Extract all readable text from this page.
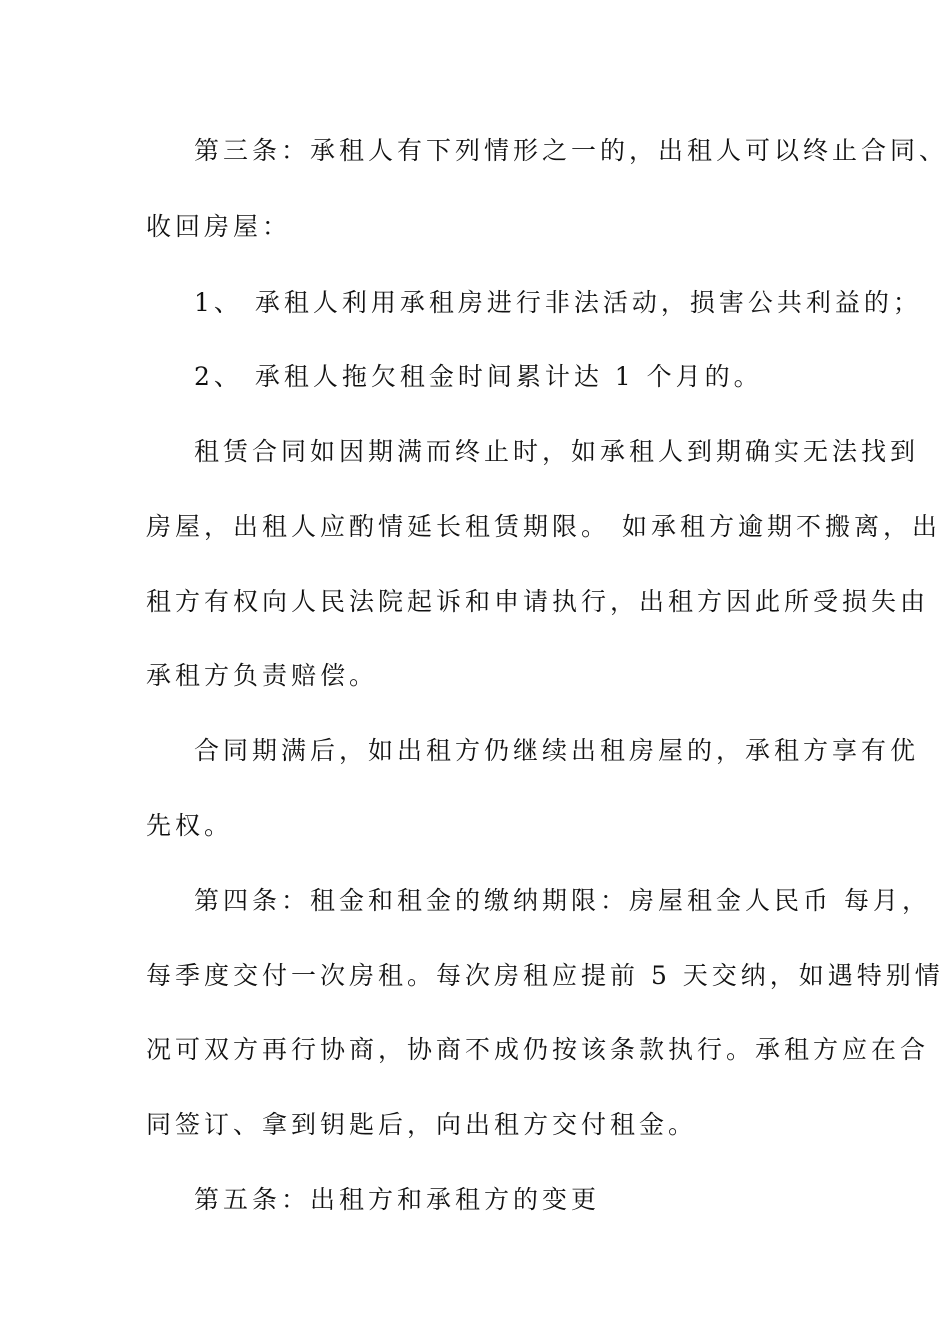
第三条：承租人有下列情形之一的，出租人可以终止合同、
收回房屋：
1、 承租人利用承租房进行非法活动，损害公共利益的；
2、 承租人拖欠租金时间累计达 1 个月的。
租赁合同如因期满而终止时，如承租人到期确实无法找到
房屋，出租人应酌情延长租赁期限。 如承租方逾期不搬离，出
租方有权向人民法院起诉和申请执行，出租方因此所受损失由
承租方负责赔偿。
合同期满后，如出租方仍继续出租房屋的，承租方享有优
先权。
第四条：租金和租金的缴纳期限：房屋租金人民币 每月，
每季度交付一次房租。每次房租应提前 5 天交纳，如遇特别情
况可双方再行协商，协商不成仍按该条款执行。承租方应在合
同签订、拿到钥匙后，向出租方交付租金。
第五条：出租方和承租方的变更
